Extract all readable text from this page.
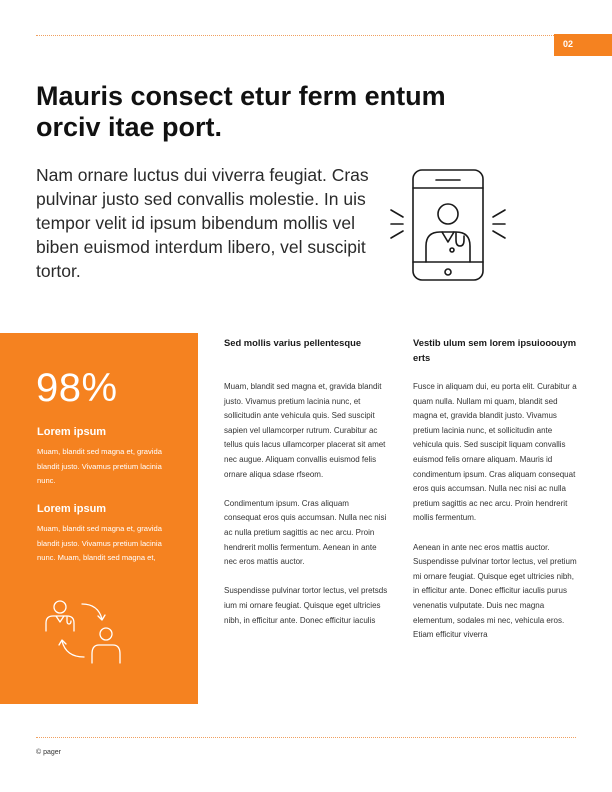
02
Mauris consect etur ferm entum
orciv itae port.

Nam ornare luctus dui viverra feugiat. Cras pulvinar justo sed convallis molestie. In uis tempor velit id ipsum bibendum mollis vel biben euismod interdum libero, vel suscipit tortor.

98%
Lorem ipsum

Muam, blandit sed magna et, gravida blandit justo. Vivamus pretium lacinia nunc.

Lorem ipsum

Muam, blandit sed magna et, gravida blandit justo. Vivamus pretium lacinia nunc. Muam, blandit sed magna et,

Sed mollis varius pellentesque

Muam, blandit sed magna et, gravida blandit justo. Vivamus pretium lacinia nunc, et sollicitudin ante vehicula quis. Sed suscipit sapien vel ullamcorper rutrum. Curabitur ac tellus quis lacus ullamcorper placerat sit amet nec augue. Aliquam convallis euismod felis ornare aliqua sdase rfseom.

Condimentum ipsum. Cras aliquam consequat eros quis accumsan. Nulla nec nisi ac nulla pretium sagittis ac nec arcu. Proin hendrerit mollis fermentum. Aenean in ante nec eros mattis auctor.

Suspendisse pulvinar tortor lectus, vel pretsds ium mi ornare feugiat. Quisque eget ultricies nibh, in efficitur ante. Donec efficitur iaculis

Vestib ulum sem lorem ipsuiooouym erts

Fusce in aliquam dui, eu porta elit. Curabitur a quam nulla. Nullam mi quam, blandit sed magna et, gravida blandit justo. Vivamus pretium lacinia nunc, et sollicitudin ante vehicula quis. Sed suscipit liquam convallis euismod felis ornare aliquam. Mauris id condimentum ipsum. Cras aliquam consequat eros quis accumsan. Nulla nec nisi ac nulla pretium sagittis ac nec arcu. Proin hendrerit mollis fermentum.

Aenean in ante nec eros mattis auctor. Suspendisse pulvinar tortor lectus, vel pretium mi ornare feugiat. Quisque eget ultricies nibh, in efficitur ante. Donec efficitur iaculis purus venenatis vulputate. Duis nec magna elementum, sodales mi nec, vehicula eros. Etiam efficitur viverra

© pager
